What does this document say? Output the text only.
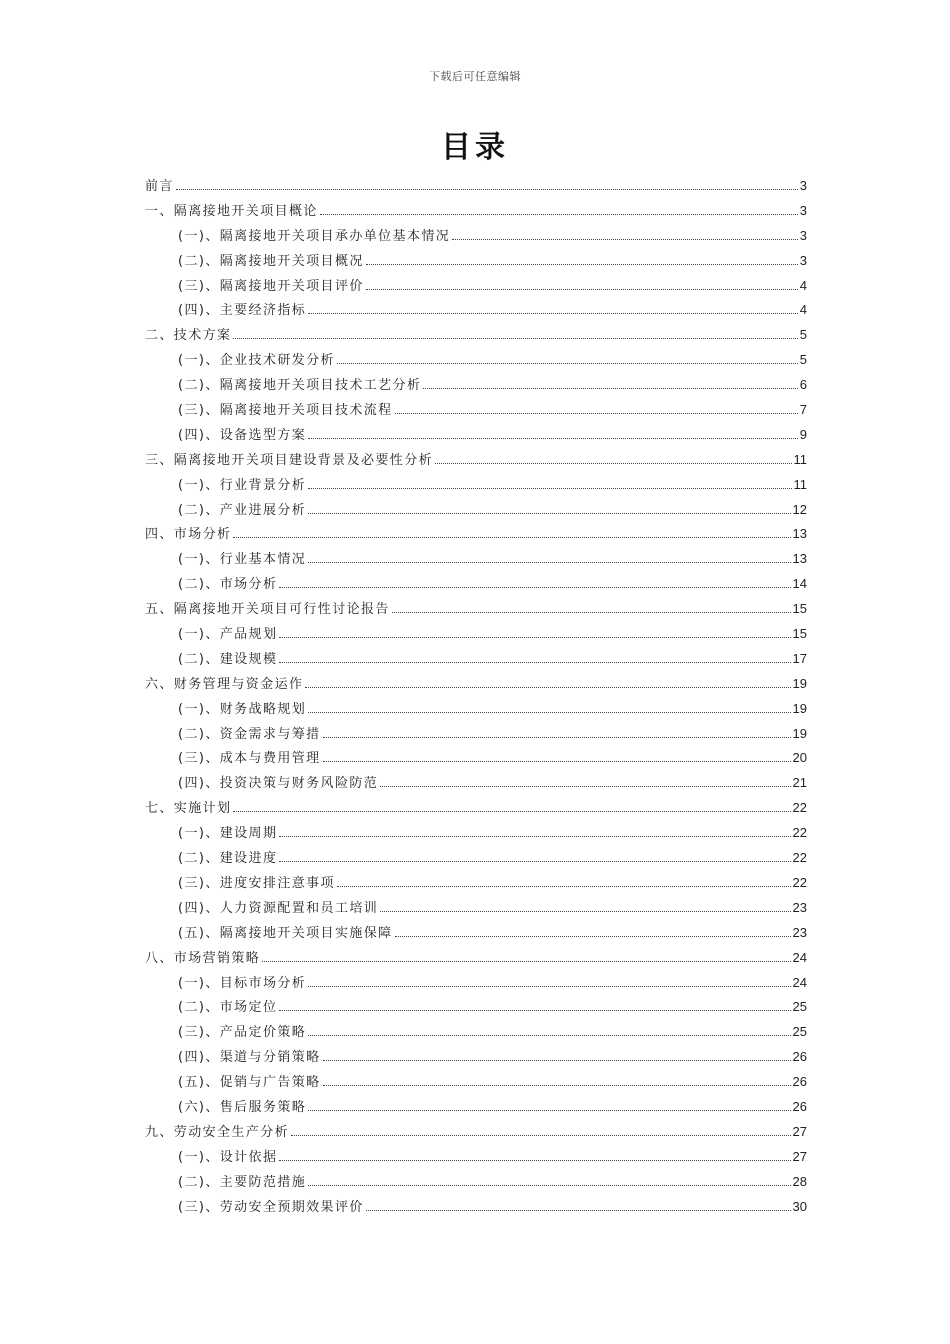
下载后可任意编辑
目录
前言	3
一、隔离接地开关项目概论	3
(一)、隔离接地开关项目承办单位基本情况	3
(二)、隔离接地开关项目概况	3
(三)、隔离接地开关项目评价	4
(四)、主要经济指标	4
二、技术方案	5
(一)、企业技术研发分析	5
(二)、隔离接地开关项目技术工艺分析	6
(三)、隔离接地开关项目技术流程	7
(四)、设备选型方案	9
三、隔离接地开关项目建设背景及必要性分析	11
(一)、行业背景分析	11
(二)、产业进展分析	12
四、市场分析	13
(一)、行业基本情况	13
(二)、市场分析	14
五、隔离接地开关项目可行性讨论报告	15
(一)、产品规划	15
(二)、建设规模	17
六、财务管理与资金运作	19
(一)、财务战略规划	19
(二)、资金需求与筹措	19
(三)、成本与费用管理	20
(四)、投资决策与财务风险防范	21
七、实施计划	22
(一)、建设周期	22
(二)、建设进度	22
(三)、进度安排注意事项	22
(四)、人力资源配置和员工培训	23
(五)、隔离接地开关项目实施保障	23
八、市场营销策略	24
(一)、目标市场分析	24
(二)、市场定位	25
(三)、产品定价策略	25
(四)、渠道与分销策略	26
(五)、促销与广告策略	26
(六)、售后服务策略	26
九、劳动安全生产分析	27
(一)、设计依据	27
(二)、主要防范措施	28
(三)、劳动安全预期效果评价	30
